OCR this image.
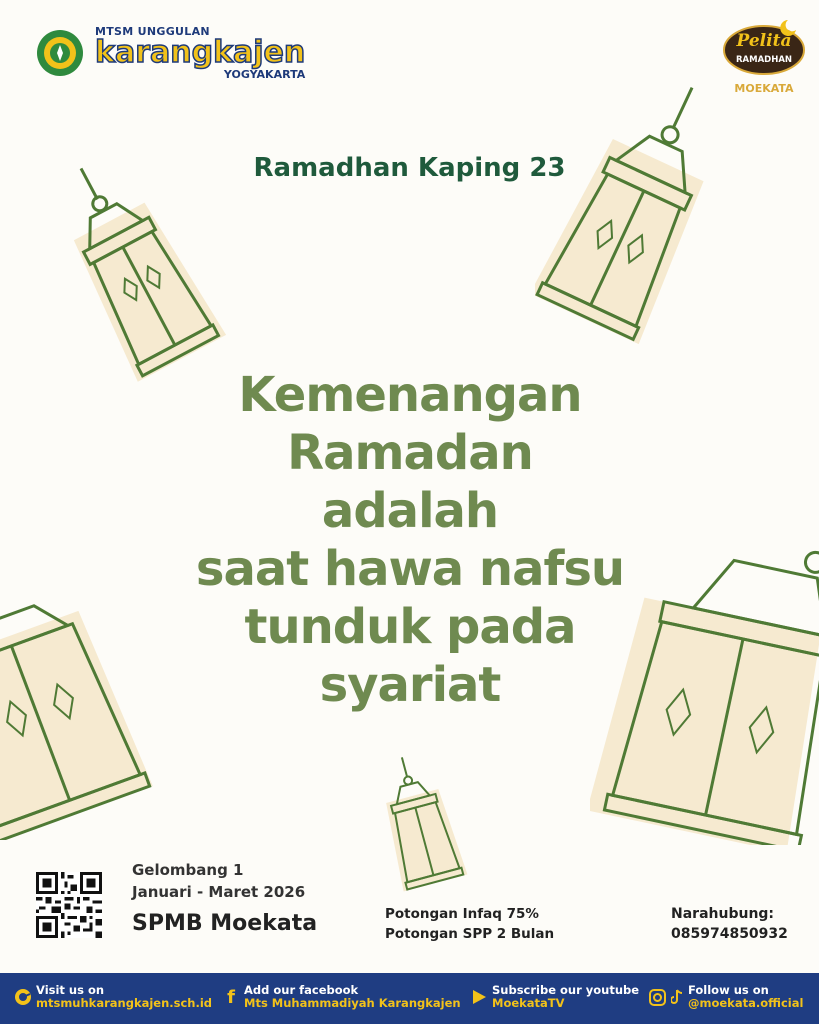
MTSM UNGGULAN
karangkajen
YOGYAKARTA
Pelita
RAMADHAN
MOEKATA
Ramadhan Kaping 23
Kemenangan
Ramadan
adalah
saat hawa nafsu
tunduk pada
syariat
Gelombang 1
Januari - Maret 2026
SPMB Moekata	Potongan Infaq 75%
Potongan SPP 2 Bulan
Narahubung:
085974850932
Visit us on
mtsmuhkarangkajen.sch.id f Add our facebook
Mts Muhammadiyah Karangkajen
Subscribe our youtube
MoekataTV
Follow us on
@moekata.official
